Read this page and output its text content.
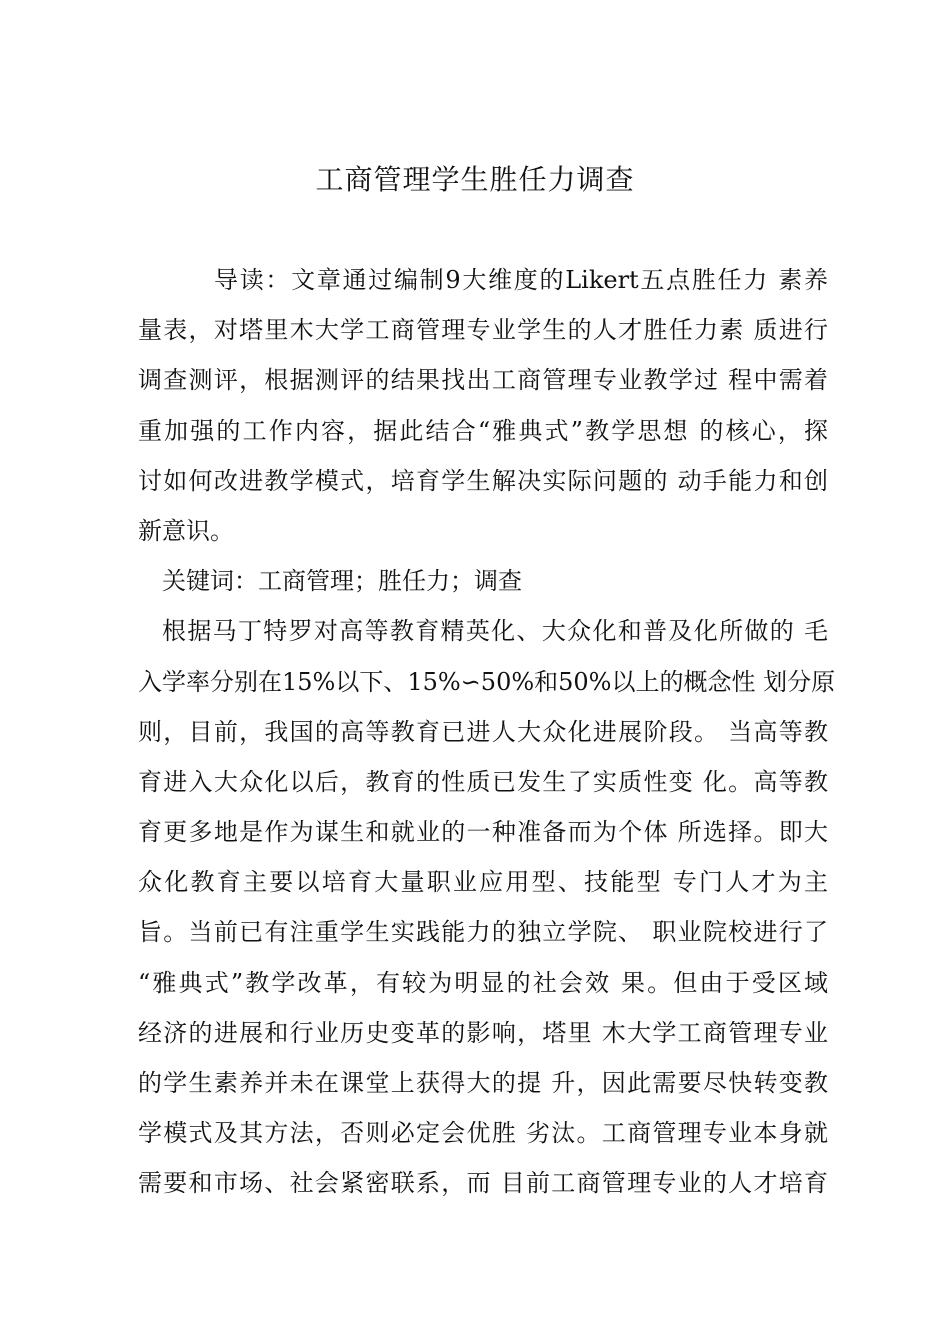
工商管理学生胜任力调查
导读：文章通过编制9大维度的Likert五点胜任力 素养
量表，对塔里木大学工商管理专业学生的人才胜任力素 质进行
调查测评，根据测评的结果找出工商管理专业教学过 程中需着
重加强的工作内容，据此结合“雅典式”教学思想 的核心，探
讨如何改进教学模式，培育学生解决实际问题的 动手能力和创
新意识。
关键词：工商管理；胜任力；调查
根据马丁特罗对高等教育精英化、大众化和普及化所做的 毛
入学率分别在15%以下、15%∽50%和50%以上的概念性 划分原
则，目前，我国的高等教育已进人大众化进展阶段。 当高等教
育进入大众化以后，教育的性质已发生了实质性变 化。高等教
育更多地是作为谋生和就业的一种准备而为个体 所选择。即大
众化教育主要以培育大量职业应用型、技能型 专门人才为主
旨。当前已有注重学生实践能力的独立学院、 职业院校进行了
“雅典式”教学改革，有较为明显的社会效 果。但由于受区域
经济的进展和行业历史变革的影响，塔里 木大学工商管理专业
的学生素养并未在课堂上获得大的提 升，因此需要尽快转变教
学模式及其方法，否则必定会优胜 劣汰。工商管理专业本身就
需要和市场、社会紧密联系，而 目前工商管理专业的人才培育
